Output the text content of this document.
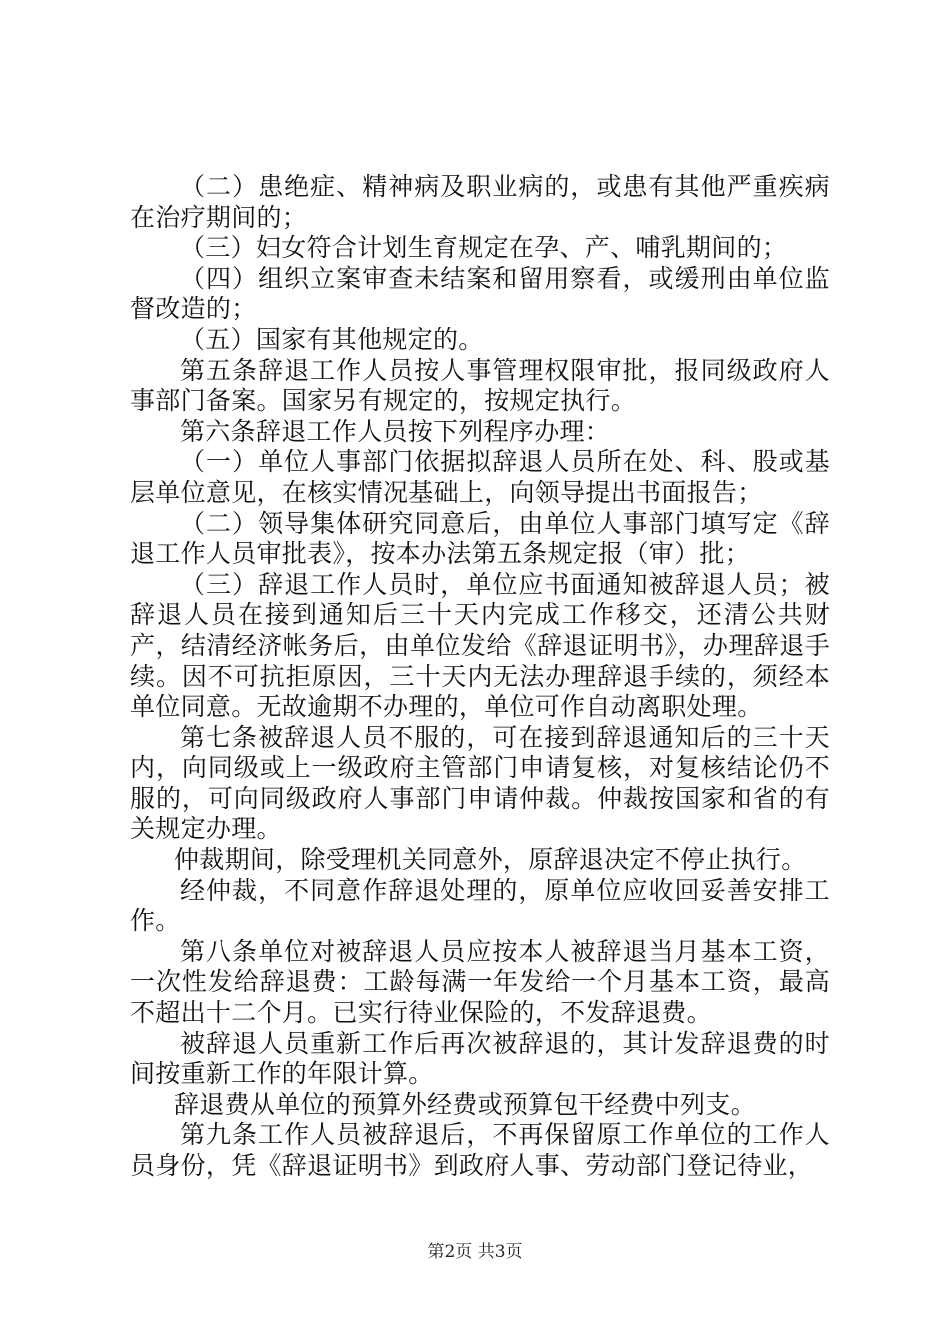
（二）患绝症、精神病及职业病的，或患有其他严重疾病在治疗期间的；

（三）妇女符合计划生育规定在孕、产、哺乳期间的；

（四）组织立案审查未结案和留用察看，或缓刑由单位监督改造的；

（五）国家有其他规定的。

第五条辞退工作人员按人事管理权限审批，报同级政府人事部门备案。国家另有规定的，按规定执行。

第六条辞退工作人员按下列程序办理：

（一）单位人事部门依据拟辞退人员所在处、科、股或基层单位意见，在核实情况基础上，向领导提出书面报告；

（二）领导集体研究同意后，由单位人事部门填写定《辞退工作人员审批表》，按本办法第五条规定报（审）批；

（三）辞退工作人员时，单位应书面通知被辞退人员；被辞退人员在接到通知后三十天内完成工作移交，还清公共财产，结清经济帐务后，由单位发给《辞退证明书》，办理辞退手续。因不可抗拒原因，三十天内无法办理辞退手续的，须经本单位同意。无故逾期不办理的，单位可作自动离职处理。

第七条被辞退人员不服的，可在接到辞退通知后的三十天内，向同级或上一级政府主管部门申请复核，对复核结论仍不服的，可向同级政府人事部门申请仲裁。仲裁按国家和省的有关规定办理。

仲裁期间，除受理机关同意外，原辞退决定不停止执行。

经仲裁，不同意作辞退处理的，原单位应收回妥善安排工作。

第八条单位对被辞退人员应按本人被辞退当月基本工资，一次性发给辞退费：工龄每满一年发给一个月基本工资，最高不超出十二个月。已实行待业保险的，不发辞退费。

被辞退人员重新工作后再次被辞退的，其计发辞退费的时间按重新工作的年限计算。

辞退费从单位的预算外经费或预算包干经费中列支。

第九条工作人员被辞退后，不再保留原工作单位的工作人员身份，凭《辞退证明书》到政府人事、劳动部门登记待业，

第2页 共3页
